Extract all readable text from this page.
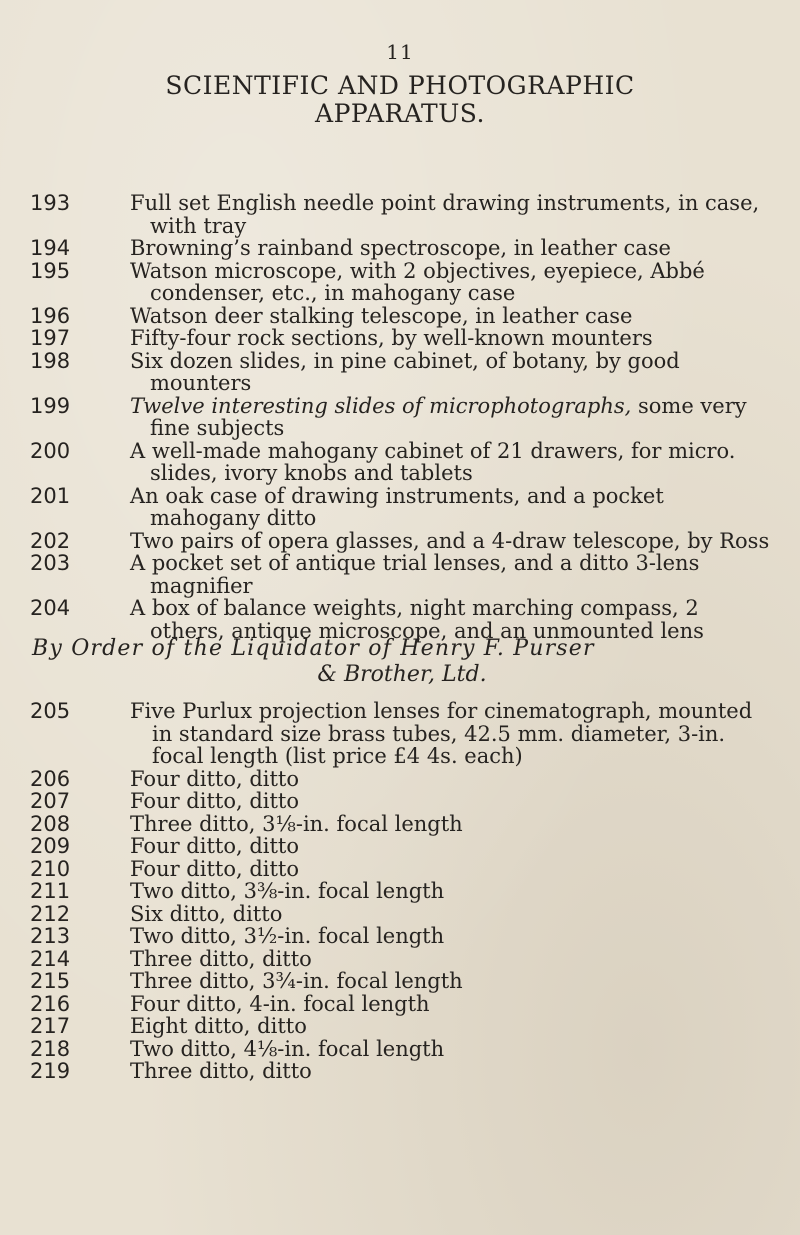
11
SCIENTIFIC AND PHOTOGRAPHIC
APPARATUS.
193	Full set English needle point drawing instruments, in case, with tray
194	Browning’s rainband spectroscope, in leather case
195	Watson microscope, with 2 objectives, eyepiece, Abbé condenser, etc., in mahogany case
196	Watson deer stalking telescope, in leather case
197	Fifty-four rock sections, by well-known mounters
198	Six dozen slides, in pine cabinet, of botany, by good mounters
199	Twelve interesting slides of microphotographs, some very fine subjects
200	A well-made mahogany cabinet of 21 drawers, for micro. slides, ivory knobs and tablets
201	An oak case of drawing instruments, and a pocket mahogany ditto
202	Two pairs of opera glasses, and a 4-draw telescope, by Ross
203	A pocket set of antique trial lenses, and a ditto 3-lens magnifier
204	A box of balance weights, night marching compass, 2 others, antique microscope, and an unmounted lens
By Order of the Liquidator of Henry F. Purser
& Brother, Ltd.
205	Five Purlux projection lenses for cinematograph, mounted in standard size brass tubes, 42.5 mm. diameter, 3-in. focal length (list price £4 4s. each)
206	Four ditto, ditto
207	Four ditto, ditto
208	Three ditto, 3⅛-in. focal length
209	Four ditto, ditto
210	Four ditto, ditto
211	Two ditto, 3⅜-in. focal length
212	Six ditto, ditto
213	Two ditto, 3½-in. focal length
214	Three ditto, ditto
215	Three ditto, 3¾-in. focal length
216	Four ditto, 4-in. focal length
217	Eight ditto, ditto
218	Two ditto, 4⅛-in. focal length
219	Three ditto, ditto
